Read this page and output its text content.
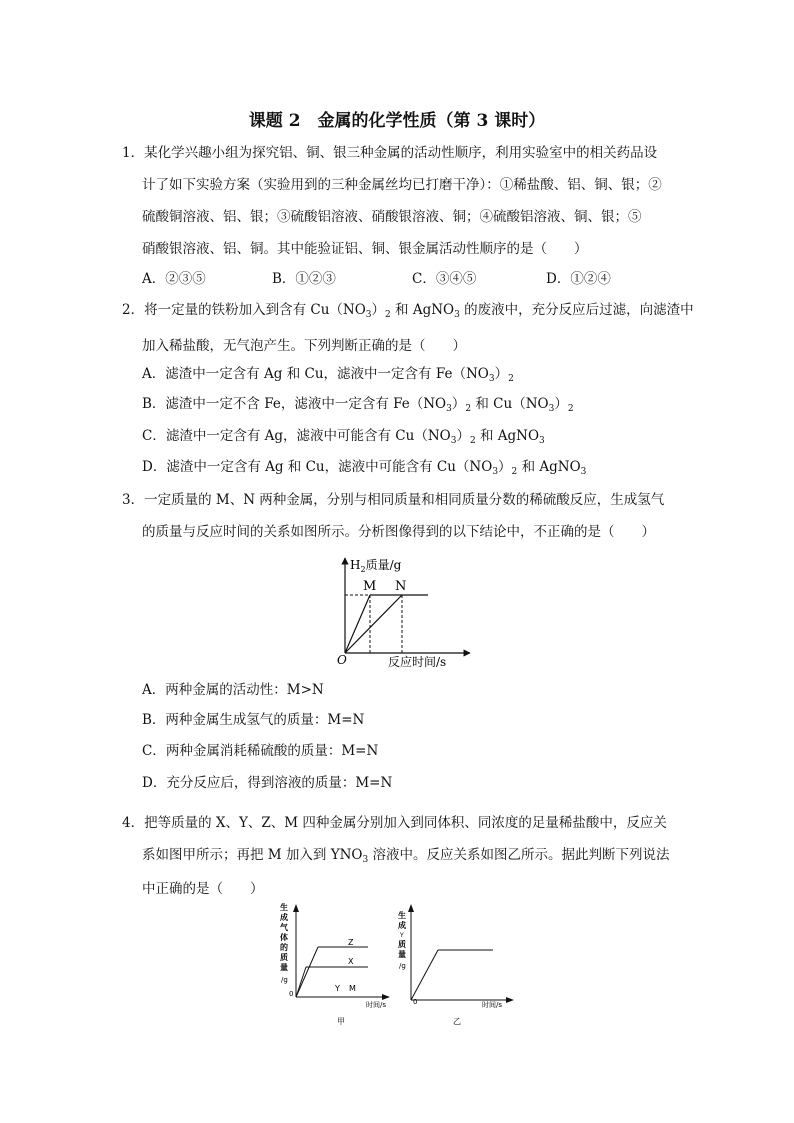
课题 2　金属的化学性质（第 3 课时）
1．某化学兴趣小组为探究铝、铜、银三种金属的活动性顺序，利用实验室中的相关药品设
计了如下实验方案（实验用到的三种金属丝均已打磨干净）：①稀盐酸、铝、铜、银；②
硫酸铜溶液、铝、银；③硫酸铝溶液、硝酸银溶液、铜；④硫酸铝溶液、铜、银；⑤
硝酸银溶液、铝、铜。其中能验证铝、铜、银金属活动性顺序的是（　　）
A．②③⑤	B．①②③	C．③④⑤	D．①②④
2．将一定量的铁粉加入到含有 $Cu(NO_3)_2$ 和 AgNO$_3$ 的废液中，充分反应后过滤，向滤渣中
加入稀盐酸，无气泡产生。下列判断正确的是（　　）
A．滤渣中一定含有 Ag 和 Cu，滤液中一定含有 $Fe(NO_3)_2$
B．滤渣中一定不含 Fe，滤液中一定含有 $Fe(NO_3)_2$ 和 $Cu(NO_3)_2$
C．滤渣中一定含有 Ag，滤液中可能含有 $Cu(NO_3)_2$ 和 AgNO$_3$
D．滤渣中一定含有 Ag 和 Cu，滤液中可能含有 $Cu(NO_3)_2$ 和 AgNO$_3$
3．一定质量的 M、N 两种金属，分别与相同质量和相同质量分数的稀硫酸反应，生成氢气
的质量与反应时间的关系如图所示。分析图像得到的以下结论中，不正确的是（　　）
$H_2$质量/g
M N
O	反应时间/s
A．两种金属的活动性：M>N
B．两种金属生成氢气的质量：M=N
C．两种金属消耗稀硫酸的质量：M=N
D．充分反应后，得到溶液的质量：M=N
4．把等质量的 X、Y、Z、M 四种金属分别加入到同体积、同浓度的足量稀盐酸中，反应关
系如图甲所示；再把 M 加入到 $YNO_3$ 溶液中。反应关系如图乙所示。据此判断下列说法
中正确的是（　　）
生
成
气
体
的
质
量
/g
Z
X
Y M
0
时间/s
甲
生
成
Y
质
量
/g
0	时间/s
乙
